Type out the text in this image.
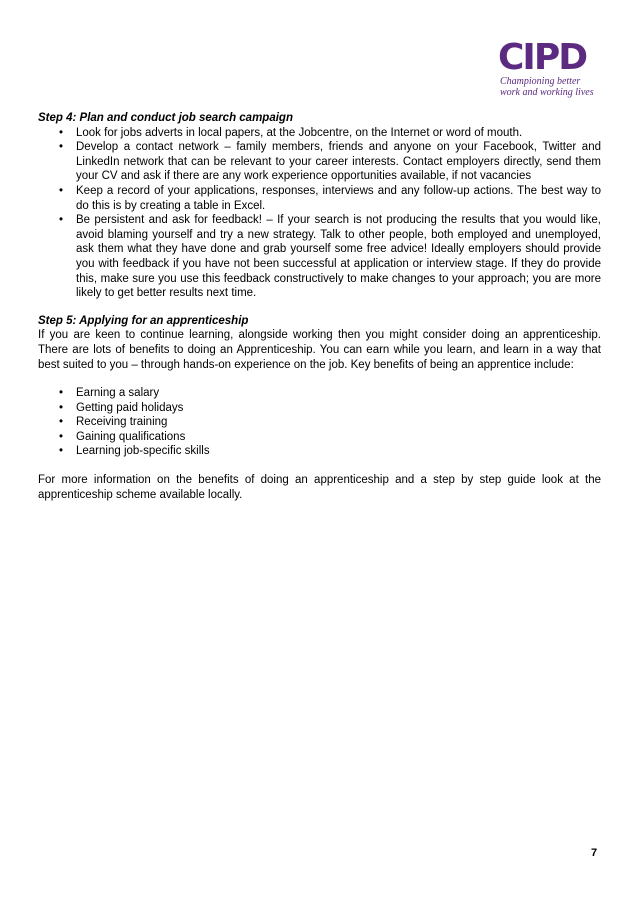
CIPD
Championing better
work and working lives

Step 4: Plan and conduct job search campaign

• Look for jobs adverts in local papers, at the Jobcentre, on the Internet or word of mouth.
• Develop a contact network – family members, friends and anyone on your Facebook, Twitter and LinkedIn network that can be relevant to your career interests. Contact employers directly, send them your CV and ask if there are any work experience opportunities available, if not vacancies
• Keep a record of your applications, responses, interviews and any follow-up actions. The best way to do this is by creating a table in Excel.
• Be persistent and ask for feedback! – If your search is not producing the results that you would like, avoid blaming yourself and try a new strategy. Talk to other people, both employed and unemployed, ask them what they have done and grab yourself some free advice! Ideally employers should provide you with feedback if you have not been successful at application or interview stage. If they do provide this, make sure you use this feedback constructively to make changes to your approach; you are more likely to get better results next time.

Step 5: Applying for an apprenticeship

If you are keen to continue learning, alongside working then you might consider doing an apprenticeship. There are lots of benefits to doing an Apprenticeship. You can earn while you learn, and learn in a way that best suited to you – through hands-on experience on the job. Key benefits of being an apprentice include:

• Earning a salary
• Getting paid holidays
• Receiving training
• Gaining qualifications
• Learning job-specific skills

For more information on the benefits of doing an apprenticeship and a step by step guide look at the apprenticeship scheme available locally.

7
